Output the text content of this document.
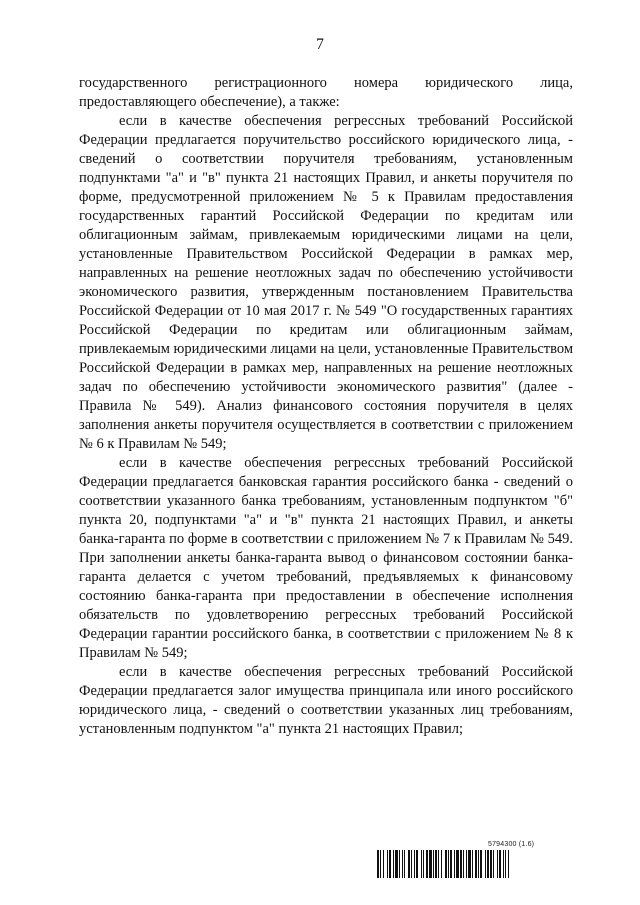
7

государственного регистрационного номера юридического лица, предоставляющего обеспечение), а также:

если в качестве обеспечения регрессных требований Российской Федерации предлагается поручительство российского юридического лица, - сведений о соответствии поручителя требованиям, установленным подпунктами "а" и "в" пункта 21 настоящих Правил, и анкеты поручителя по форме, предусмотренной приложением № 5 к Правилам предоставления государственных гарантий Российской Федерации по кредитам или облигационным займам, привлекаемым юридическими лицами на цели, установленные Правительством Российской Федерации в рамках мер, направленных на решение неотложных задач по обеспечению устойчивости экономического развития, утвержденным постановлением Правительства Российской Федерации от 10 мая 2017 г. № 549 "О государственных гарантиях Российской Федерации по кредитам или облигационным займам, привлекаемым юридическими лицами на цели, установленные Правительством Российской Федерации в рамках мер, направленных на решение неотложных задач по обеспечению устойчивости экономического развития" (далее - Правила № 549). Анализ финансового состояния поручителя в целях заполнения анкеты поручителя осуществляется в соответствии с приложением № 6 к Правилам № 549;

если в качестве обеспечения регрессных требований Российской Федерации предлагается банковская гарантия российского банка - сведений о соответствии указанного банка требованиям, установленным подпунктом "б" пункта 20, подпунктами "а" и "в" пункта 21 настоящих Правил, и анкеты банка-гаранта по форме в соответствии с приложением № 7 к Правилам № 549. При заполнении анкеты банка-гаранта вывод о финансовом состоянии банка-гаранта делается с учетом требований, предъявляемых к финансовому состоянию банка-гаранта при предоставлении в обеспечение исполнения обязательств по удовлетворению регрессных требований Российской Федерации гарантии российского банка, в соответствии с приложением № 8 к Правилам № 549;

если в качестве обеспечения регрессных требований Российской Федерации предлагается залог имущества принципала или иного российского юридического лица, - сведений о соответствии указанных лиц требованиям, установленным подпунктом "а" пункта 21 настоящих Правил;

5794300 (1.6)
